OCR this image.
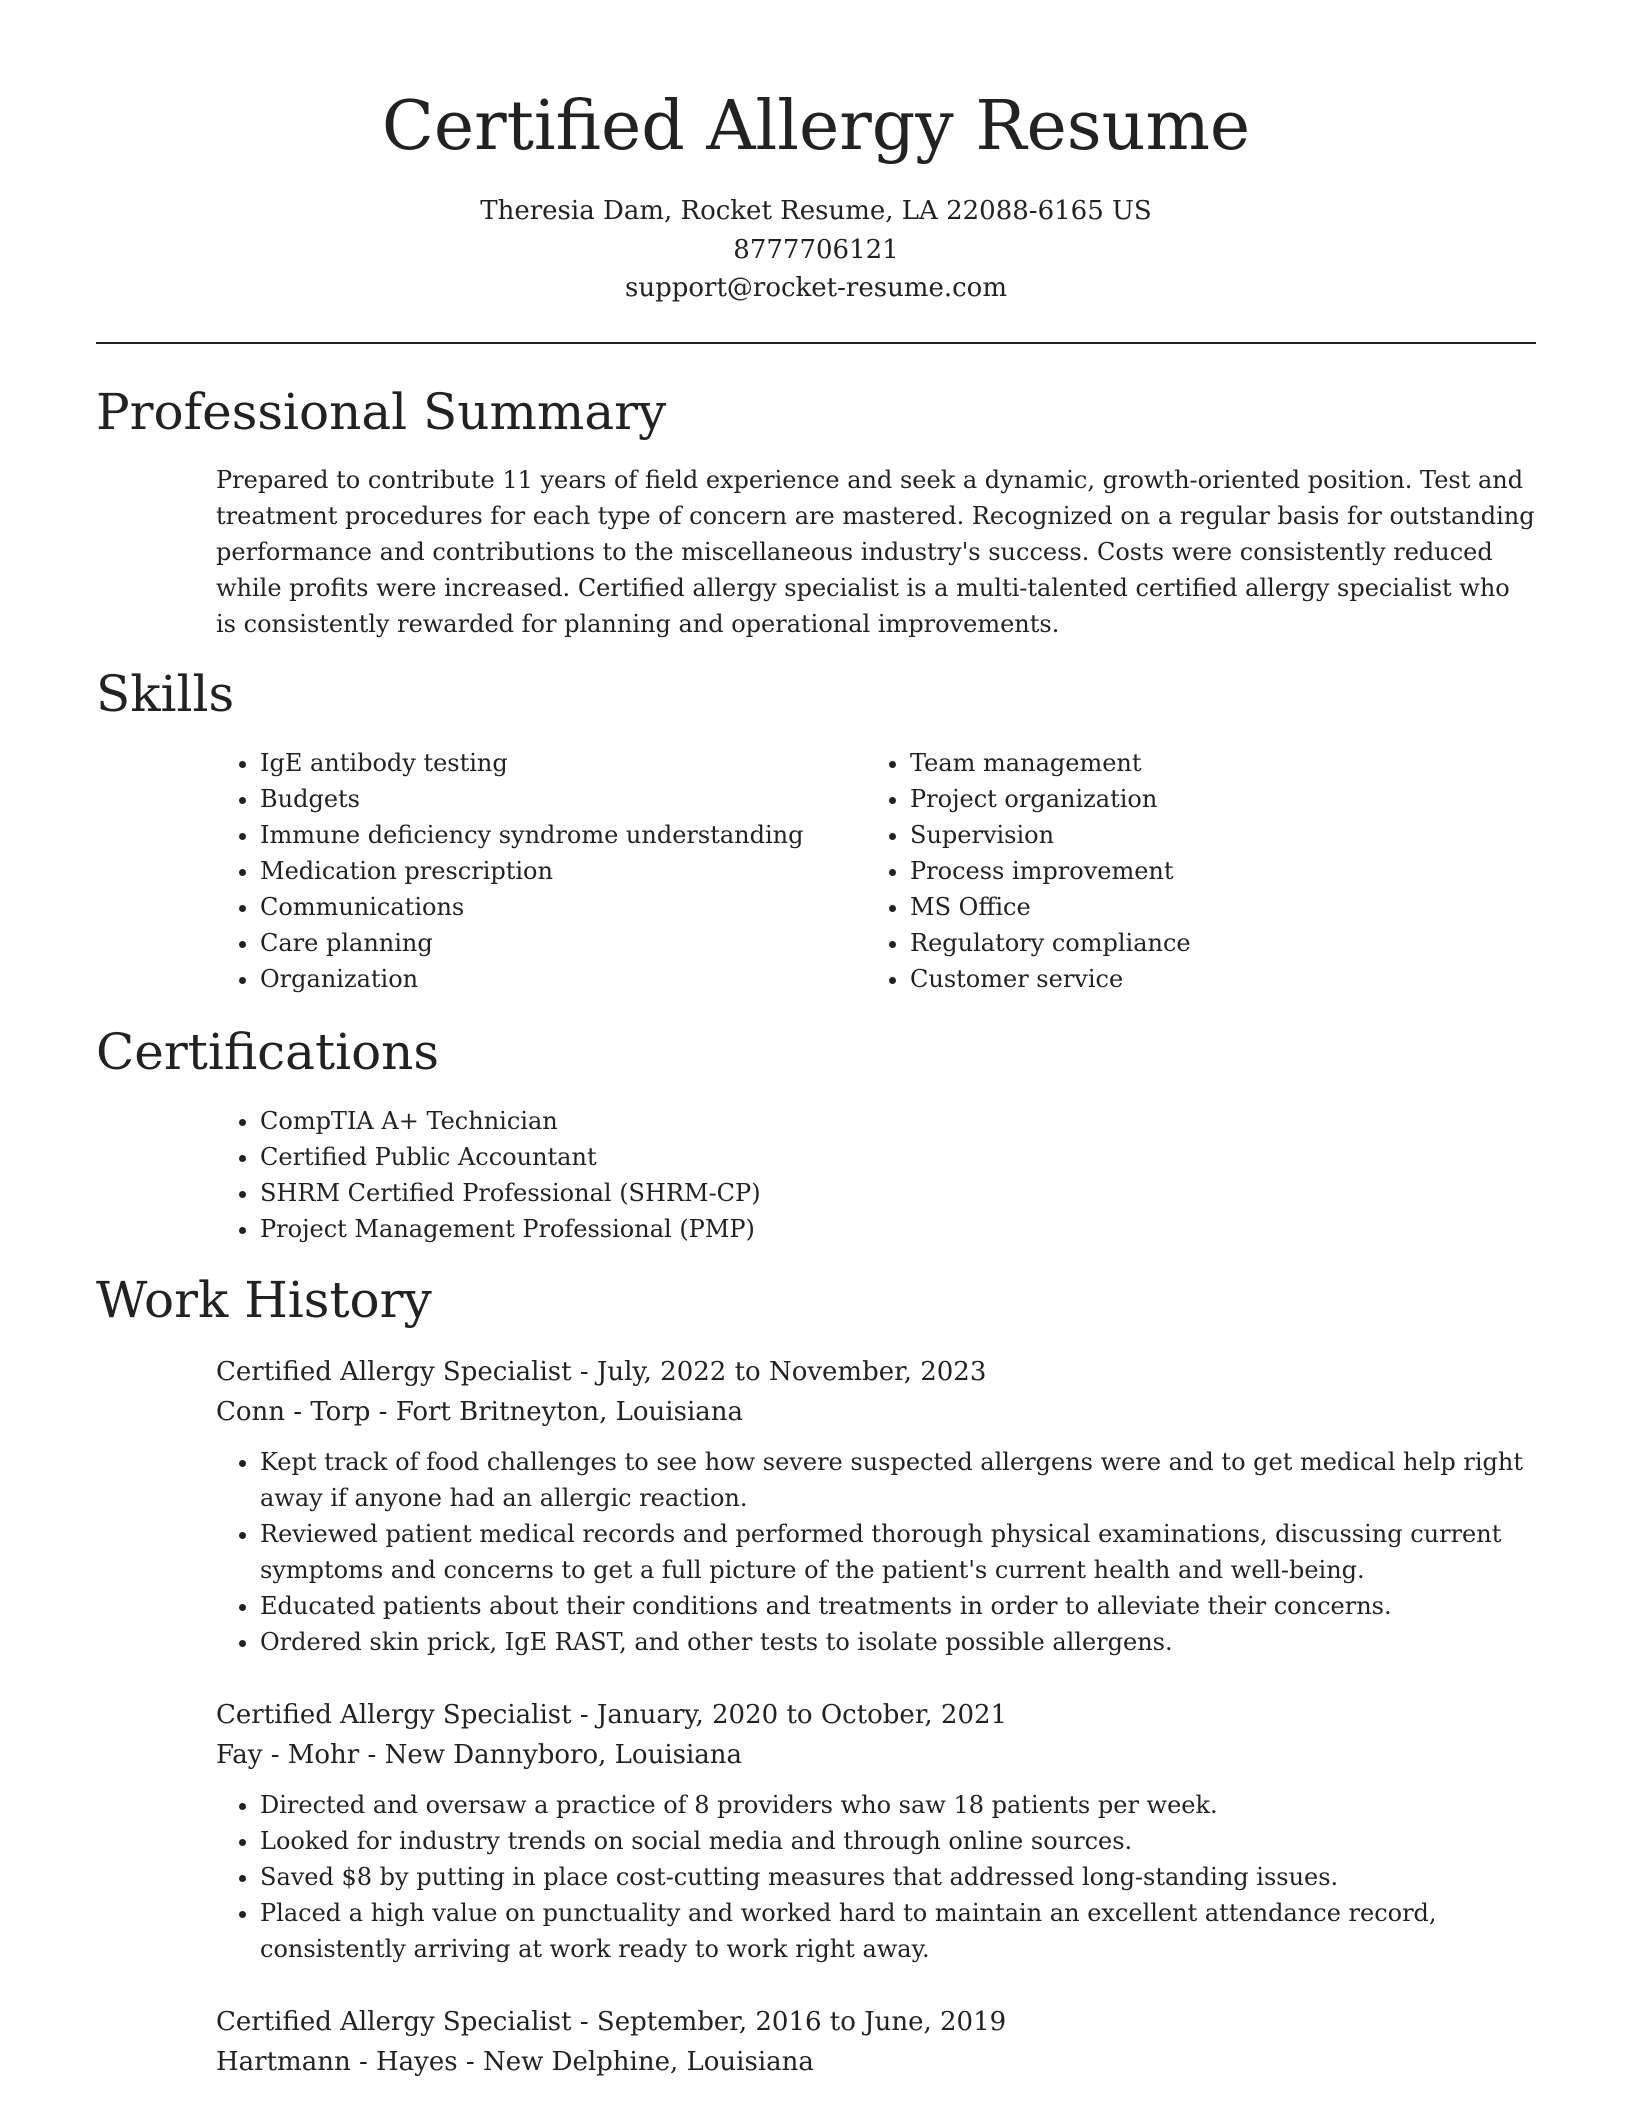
Certified Allergy Resume
Theresia Dam, Rocket Resume, LA 22088-6165 US
8777706121
support@rocket-resume.com
Professional Summary
Prepared to contribute 11 years of field experience and seek a dynamic, growth-oriented position. Test and treatment procedures for each type of concern are mastered. Recognized on a regular basis for outstanding performance and contributions to the miscellaneous industry's success. Costs were consistently reduced while profits were increased. Certified allergy specialist is a multi-talented certified allergy specialist who is consistently rewarded for planning and operational improvements.
Skills
• IgE antibody testing
• Budgets
• Immune deficiency syndrome understanding
• Medication prescription
• Communications
• Care planning
• Organization
• Team management
• Project organization
• Supervision
• Process improvement
• MS Office
• Regulatory compliance
• Customer service
Certifications
• CompTIA A+ Technician
• Certified Public Accountant
• SHRM Certified Professional (SHRM-CP)
• Project Management Professional (PMP)
Work History
Certified Allergy Specialist - July, 2022 to November, 2023
Conn - Torp - Fort Britneyton, Louisiana
• Kept track of food challenges to see how severe suspected allergens were and to get medical help right away if anyone had an allergic reaction.
• Reviewed patient medical records and performed thorough physical examinations, discussing current symptoms and concerns to get a full picture of the patient's current health and well-being.
• Educated patients about their conditions and treatments in order to alleviate their concerns.
• Ordered skin prick, IgE RAST, and other tests to isolate possible allergens.
Certified Allergy Specialist - January, 2020 to October, 2021
Fay - Mohr - New Dannyboro, Louisiana
• Directed and oversaw a practice of 8 providers who saw 18 patients per week.
• Looked for industry trends on social media and through online sources.
• Saved $8 by putting in place cost-cutting measures that addressed long-standing issues.
• Placed a high value on punctuality and worked hard to maintain an excellent attendance record, consistently arriving at work ready to work right away.
Certified Allergy Specialist - September, 2016 to June, 2019
Hartmann - Hayes - New Delphine, Louisiana
